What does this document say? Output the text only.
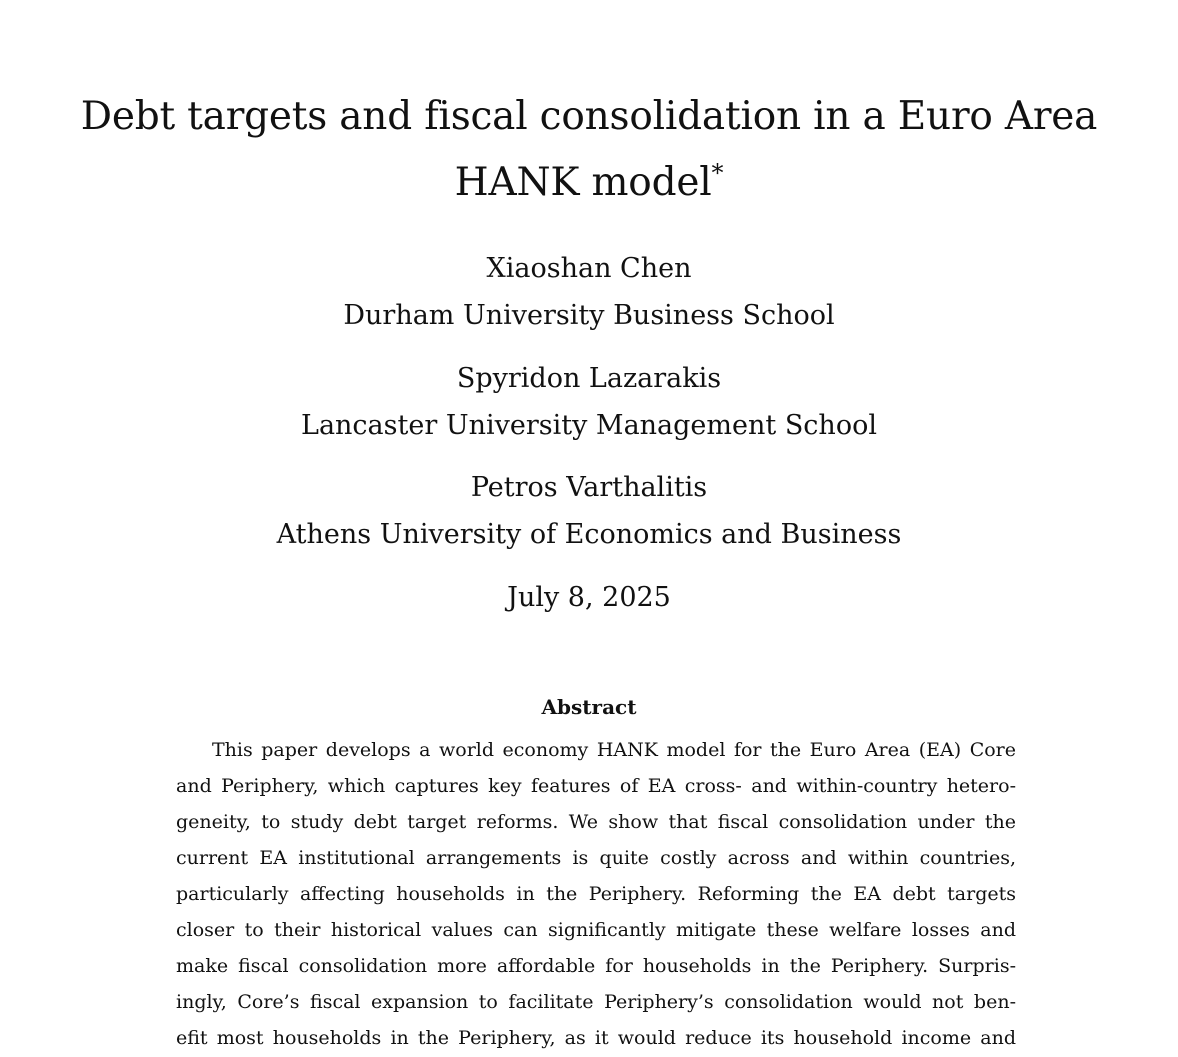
Debt targets and fiscal consolidation in a Euro Area
HANK model*
Xiaoshan Chen
Durham University Business School
Spyridon Lazarakis
Lancaster University Management School
Petros Varthalitis
Athens University of Economics and Business
July 8, 2025
Abstract
This paper develops a world economy HANK model for the Euro Area (EA) Core
and Periphery, which captures key features of EA cross- and within-country hetero-
geneity, to study debt target reforms. We show that fiscal consolidation under the
current EA institutional arrangements is quite costly across and within countries,
particularly affecting households in the Periphery. Reforming the EA debt targets
closer to their historical values can significantly mitigate these welfare losses and
make fiscal consolidation more affordable for households in the Periphery. Surpris-
ingly, Core’s fiscal expansion to facilitate Periphery’s consolidation would not ben-
efit most households in the Periphery, as it would reduce its household income and
